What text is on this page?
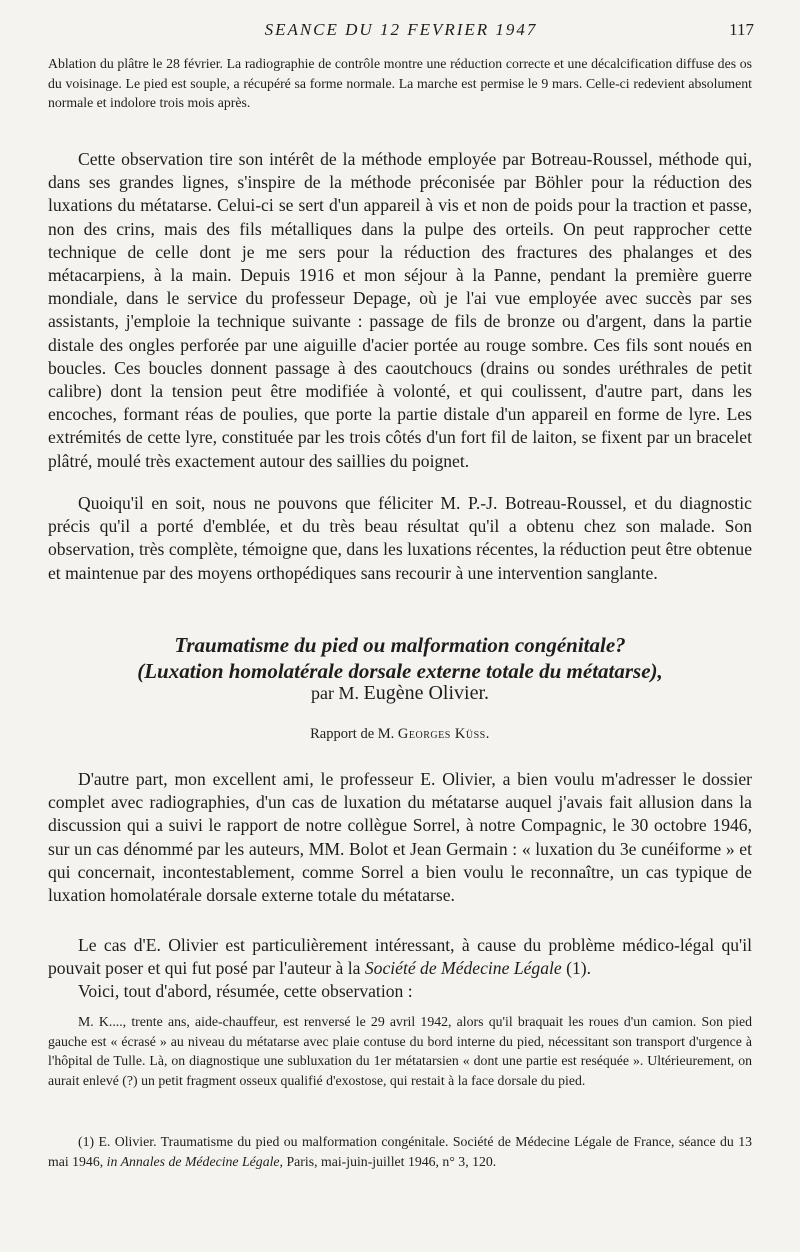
SEANCE DU 12 FEVRIER 1947	117

Ablation du plâtre le 28 février. La radiographie de contrôle montre une réduction correcte et une décalcification diffuse des os du voisinage. Le pied est souple, a récupéré sa forme normale. La marche est permise le 9 mars. Celle-ci redevient absolument normale et indolore trois mois après.

Cette observation tire son intérêt de la méthode employée par Botreau-Roussel, méthode qui, dans ses grandes lignes, s'inspire de la méthode préconisée par Böhler pour la réduction des luxations du métatarse. Celui-ci se sert d'un appareil à vis et non de poids pour la traction et passe, non des crins, mais des fils métalliques dans la pulpe des orteils. On peut rapprocher cette technique de celle dont je me sers pour la réduction des fractures des phalanges et des métacarpiens, à la main. Depuis 1916 et mon séjour à la Panne, pendant la première guerre mondiale, dans le service du professeur Depage, où je l'ai vue employée avec succès par ses assistants, j'emploie la technique suivante : passage de fils de bronze ou d'argent, dans la partie distale des ongles perforée par une aiguille d'acier portée au rouge sombre. Ces fils sont noués en boucles. Ces boucles donnent passage à des caoutchoucs (drains ou sondes uréthrales de petit calibre) dont la tension peut être modifiée à volonté, et qui coulissent, d'autre part, dans les encoches, formant réas de poulies, que porte la partie distale d'un appareil en forme de lyre. Les extrémités de cette lyre, constituée par les trois côtés d'un fort fil de laiton, se fixent par un bracelet plâtré, moulé très exactement autour des saillies du poignet.

Quoiqu'il en soit, nous ne pouvons que féliciter M. P.-J. Botreau-Roussel, et du diagnostic précis qu'il a porté d'emblée, et du très beau résultat qu'il a obtenu chez son malade. Son observation, très complète, témoigne que, dans les luxations récentes, la réduction peut être obtenue et maintenue par des moyens orthopédiques sans recourir à une intervention sanglante.

Traumatisme du pied ou malformation congénitale?
(Luxation homolatérale dorsale externe totale du métatarse),
par M. Eugène Olivier.
Rapport de M. Georges Küss.

D'autre part, mon excellent ami, le professeur E. Olivier, a bien voulu m'adresser le dossier complet avec radiographies, d'un cas de luxation du métatarse auquel j'avais fait allusion dans la discussion qui a suivi le rapport de notre collègue Sorrel, à notre Compagnic, le 30 octobre 1946, sur un cas dénommé par les auteurs, MM. Bolot et Jean Germain : « luxation du 3e cunéiforme » et qui concernait, incontestablement, comme Sorrel a bien voulu le reconnaître, un cas typique de luxation homolatérale dorsale externe totale du métatarse.

Le cas d'E. Olivier est particulièrement intéressant, à cause du problème médico-légal qu'il pouvait poser et qui fut posé par l'auteur à la Société de Médecine Légale (1).

Voici, tout d'abord, résumée, cette observation :

M. K...., trente ans, aide-chauffeur, est renversé le 29 avril 1942, alors qu'il braquait les roues d'un camion. Son pied gauche est « écrasé » au niveau du métatarse avec plaie contuse du bord interne du pied, nécessitant son transport d'urgence à l'hôpital de Tulle. Là, on diagnostique une subluxation du 1er métatarsien « dont une partie est reséquée ». Ultérieurement, on aurait enlevé (?) un petit fragment osseux qualifié d'exostose, qui restait à la face dorsale du pied.

(1) E. Olivier. Traumatisme du pied ou malformation congénitale. Société de Médecine Légale de France, séance du 13 mai 1946, in Annales de Médecine Légale, Paris, mai-juin-juillet 1946, n° 3, 120.
